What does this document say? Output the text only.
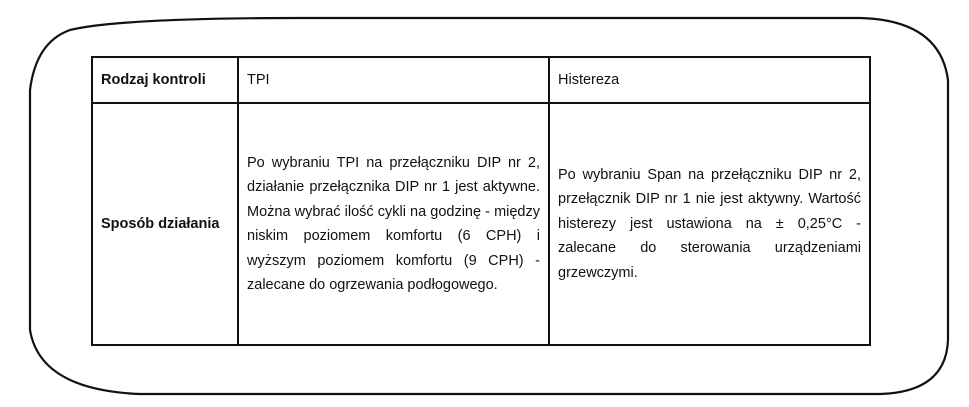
Rodzaj kontroli	TPI	Histereza
Sposób działania
Po wybraniu TPI na przełączniku DIP nr 2, działanie przełącznika DIP nr 1 jest aktywne. Można wybrać ilość cykli na godzinę - między niskim poziomem komfortu (6 CPH) i wyższym poziomem komfortu (9 CPH) - zalecane do ogrzewania podłogowego.
Po wybraniu Span na przełączniku DIP nr 2, przełącznik DIP nr 1 nie jest aktywny. Wartość histerezy jest ustawiona na ± 0,25°C - zalecane do sterowania urządzeniami grzewczymi.
